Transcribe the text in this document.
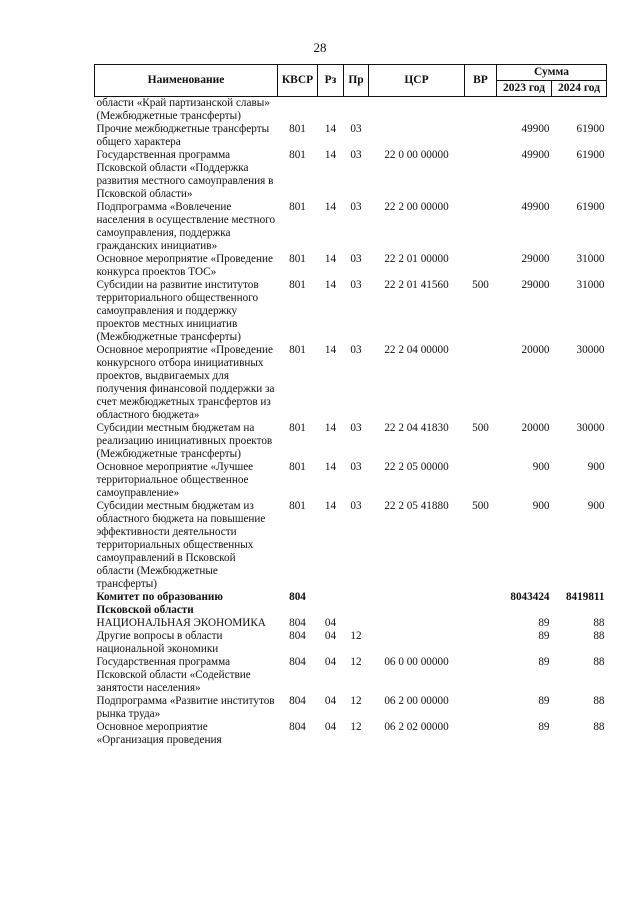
28
Наименование	КВСР	Рз	Пр	ЦСР	ВР	Сумма	
						2023 год	2024 год
области «Край партизанской славы» (Межбюджетные трансферты)							
Прочие межбюджетные трансферты общего характера	801	14	03			49900	61900
Государственная программа Псковской области «Поддержка развития местного самоуправления в Псковской области»	801	14	03	22 0 00 00000		49900	61900
Подпрограмма «Вовлечение населения в осуществление местного самоуправления, поддержка гражданских инициатив»	801	14	03	22 2 00 00000		49900	61900
Основное мероприятие «Проведение конкурса проектов ТОС»	801	14	03	22 2 01 00000		29000	31000
Субсидии на развитие институтов территориального общественного самоуправления и поддержку проектов местных инициатив (Межбюджетные трансферты)	801	14	03	22 2 01 41560	500	29000	31000
Основное мероприятие «Проведение конкурсного отбора инициативных проектов, выдвигаемых для получения финансовой поддержки за счет межбюджетных трансфертов из областного бюджета»	801	14	03	22 2 04 00000		20000	30000
Субсидии местным бюджетам на реализацию инициативных проектов (Межбюджетные трансферты)	801	14	03	22 2 04 41830	500	20000	30000
Основное мероприятие «Лучшее территориальное общественное самоуправление»	801	14	03	22 2 05 00000		900	900
Субсидии местным бюджетам из областного бюджета на повышение эффективности деятельности территориальных общественных самоуправлений в Псковской области (Межбюджетные трансферты)	801	14	03	22 2 05 41880	500	900	900
Комитет по образованию Псковской области	804					8043424	8419811
НАЦИОНАЛЬНАЯ ЭКОНОМИКА	804	04				89	88
Другие вопросы в области национальной экономики	804	04	12			89	88
Государственная программа Псковской области «Содействие занятости населения»	804	04	12	06 0 00 00000		89	88
Подпрограмма «Развитие институтов рынка труда»	804	04	12	06 2 00 00000		89	88
Основное мероприятие «Организация проведения	804	04	12	06 2 02 00000		89	88
